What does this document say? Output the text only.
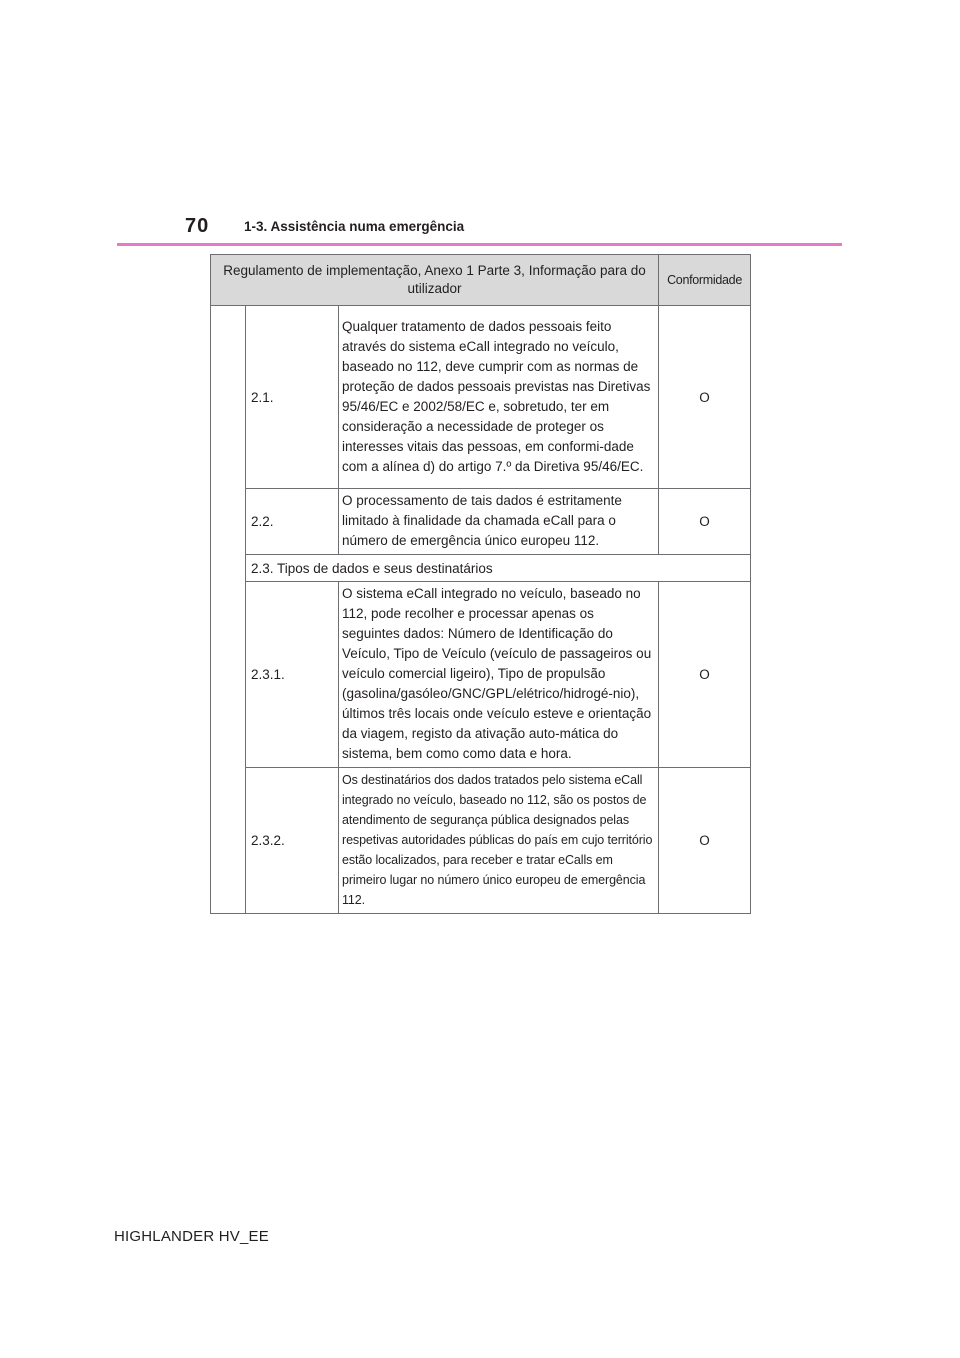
70	1-3. Assistência numa emergência
Regulamento de implementação, Anexo 1 Parte 3, Informação para do utilizador			Conformidade
	2.1.	Qualquer tratamento de dados pessoais feito através do sistema eCall integrado no veículo, baseado no 112, deve cumprir com as normas de proteção de dados pessoais previstas nas Diretivas 95/46/EC e 2002/58/EC e, sobretudo, ter em consideração a necessidade de proteger os interesses vitais das pessoas, em conformi-dade com a alínea d) do artigo 7.º da Diretiva 95/46/EC.	O
	2.2.	O processamento de tais dados é estritamente limitado à finalidade da chamada eCall para o número de emergência único europeu 112.	O
	2.3. Tipos de dados e seus destinatários		
	2.3.1.	O sistema eCall integrado no veículo, baseado no 112, pode recolher e processar apenas os seguintes dados: Número de Identificação do Veículo, Tipo de Veículo (veículo de passageiros ou veículo comercial ligeiro), Tipo de propulsão (gasolina/gasóleo/GNC/GPL/elétrico/hidrogé-nio), últimos três locais onde veículo esteve e orientação da viagem, registo da ativação auto-mática do sistema, bem como como data e hora.	O
	2.3.2.	Os destinatários dos dados tratados pelo sistema eCall integrado no veículo, baseado no 112, são os postos de atendimento de segurança pública designados pelas respetivas autoridades públicas do país em cujo território estão localizados, para receber e tratar eCalls em primeiro lugar no número único europeu de emergência 112.	O
HIGHLANDER HV_EE
